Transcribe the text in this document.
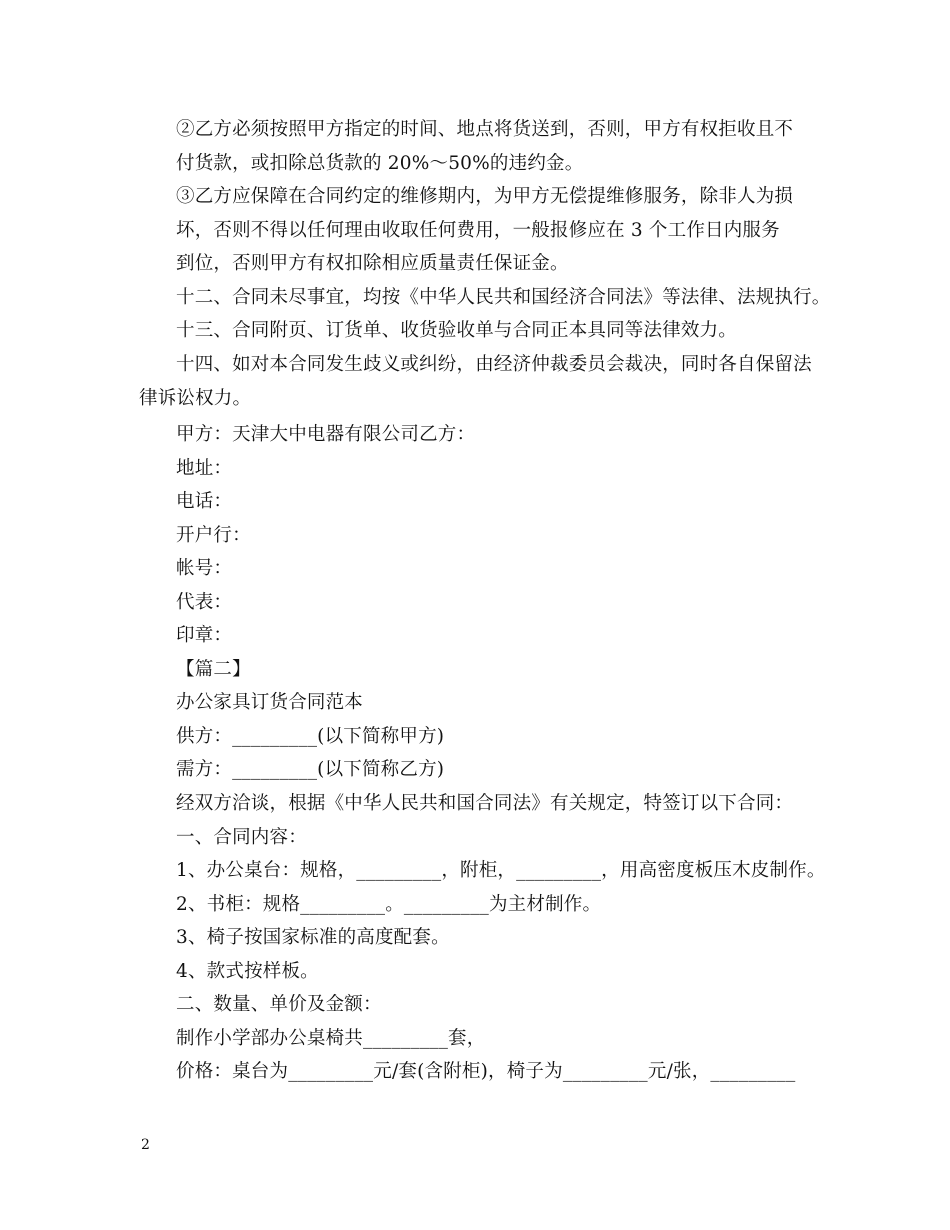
②乙方必须按照甲方指定的时间、地点将货送到，否则，甲方有权拒收且不
付货款，或扣除总货款的 20%～50%的违约金。
③乙方应保障在合同约定的维修期内，为甲方无偿提维修服务，除非人为损
坏，否则不得以任何理由收取任何费用，一般报修应在 3 个工作日内服务
到位，否则甲方有权扣除相应质量责任保证金。
十二、合同未尽事宜，均按《中华人民共和国经济合同法》等法律、法规执行。
十三、合同附页、订货单、收货验收单与合同正本具同等法律效力。
十四、如对本合同发生歧义或纠纷，由经济仲裁委员会裁决，同时各自保留法
律诉讼权力。
甲方：天津大中电器有限公司乙方：
地址：
电话：
开户行：
帐号：
代表：
印章：
【篇二】
办公家具订货合同范本
供方：_________(以下简称甲方)
需方：_________(以下简称乙方)
经双方洽谈，根据《中华人民共和国合同法》有关规定，特签订以下合同：
一、合同内容：
1、办公桌台：规格，_________，附柜，_________，用高密度板压木皮制作。
2、书柜：规格_________。_________为主材制作。
3、椅子按国家标准的高度配套。
4、款式按样板。
二、数量、单价及金额：
制作小学部办公桌椅共_________套，
价格：桌台为_________元/套(含附柜)，椅子为_________元/张，_________
2
